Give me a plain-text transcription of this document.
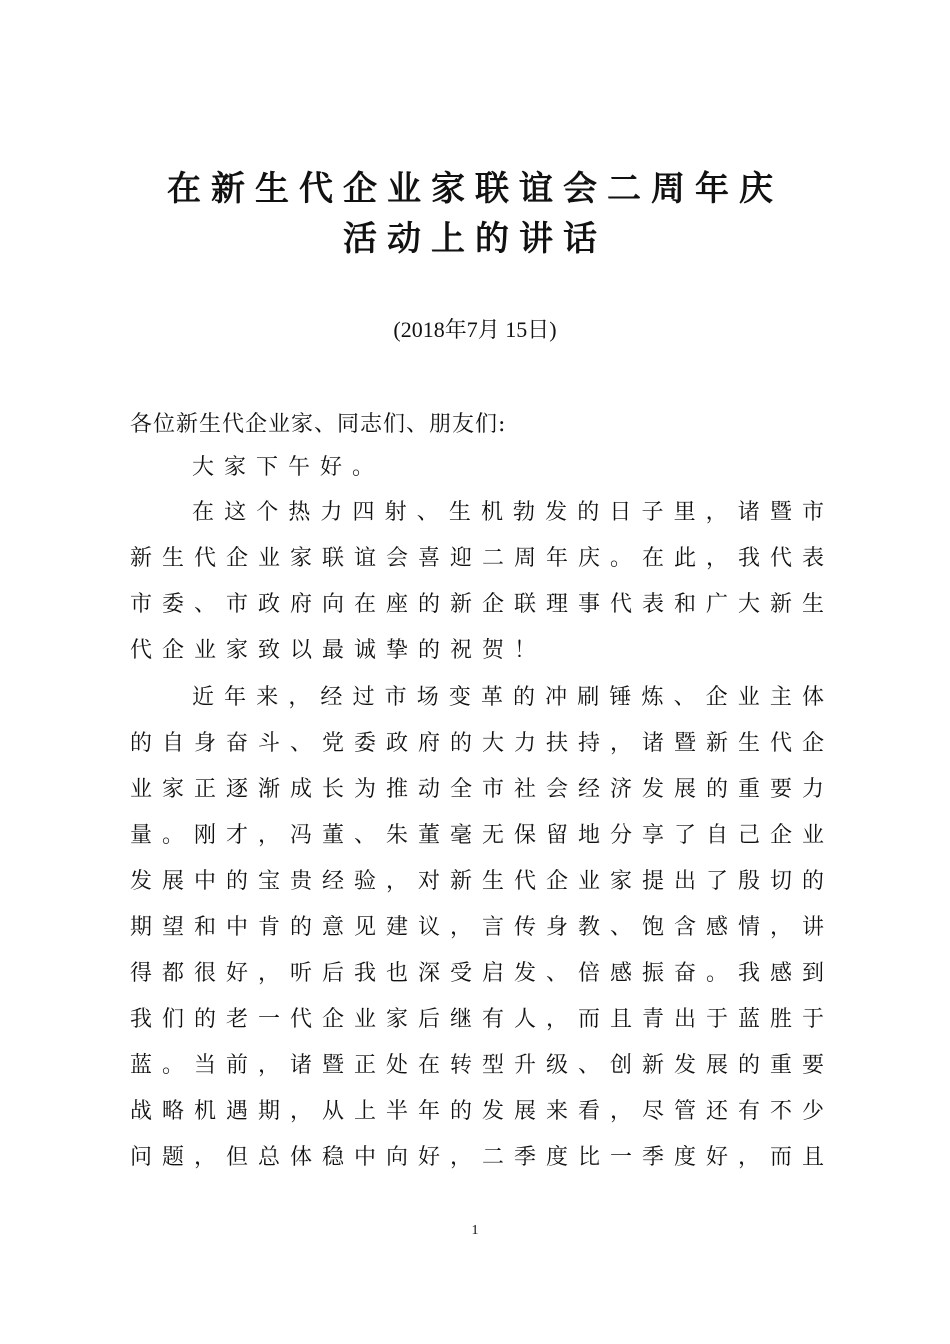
在新生代企业家联谊会二周年庆
活动上的讲话
(2018年7月 15日)
各位新生代企业家、同志们、朋友们:
大家下午好。
在这个热力四射、生机勃发的日子里，诸暨市
新生代企业家联谊会喜迎二周年庆。在此，我代表
市委、市政府向在座的新企联理事代表和广大新生
代企业家致以最诚挚的祝贺！
近年来，经过市场变革的冲刷锤炼、企业主体
的自身奋斗、党委政府的大力扶持，诸暨新生代企
业家正逐渐成长为推动全市社会经济发展的重要力
量。刚才，冯董、朱董毫无保留地分享了自己企业
发展中的宝贵经验，对新生代企业家提出了殷切的
期望和中肯的意见建议，言传身教、饱含感情，讲
得都很好，听后我也深受启发、倍感振奋。我感到
我们的老一代企业家后继有人，而且青出于蓝胜于
蓝。当前，诸暨正处在转型升级、创新发展的重要
战略机遇期，从上半年的发展来看，尽管还有不少
问题，但总体稳中向好，二季度比一季度好，而且
1
